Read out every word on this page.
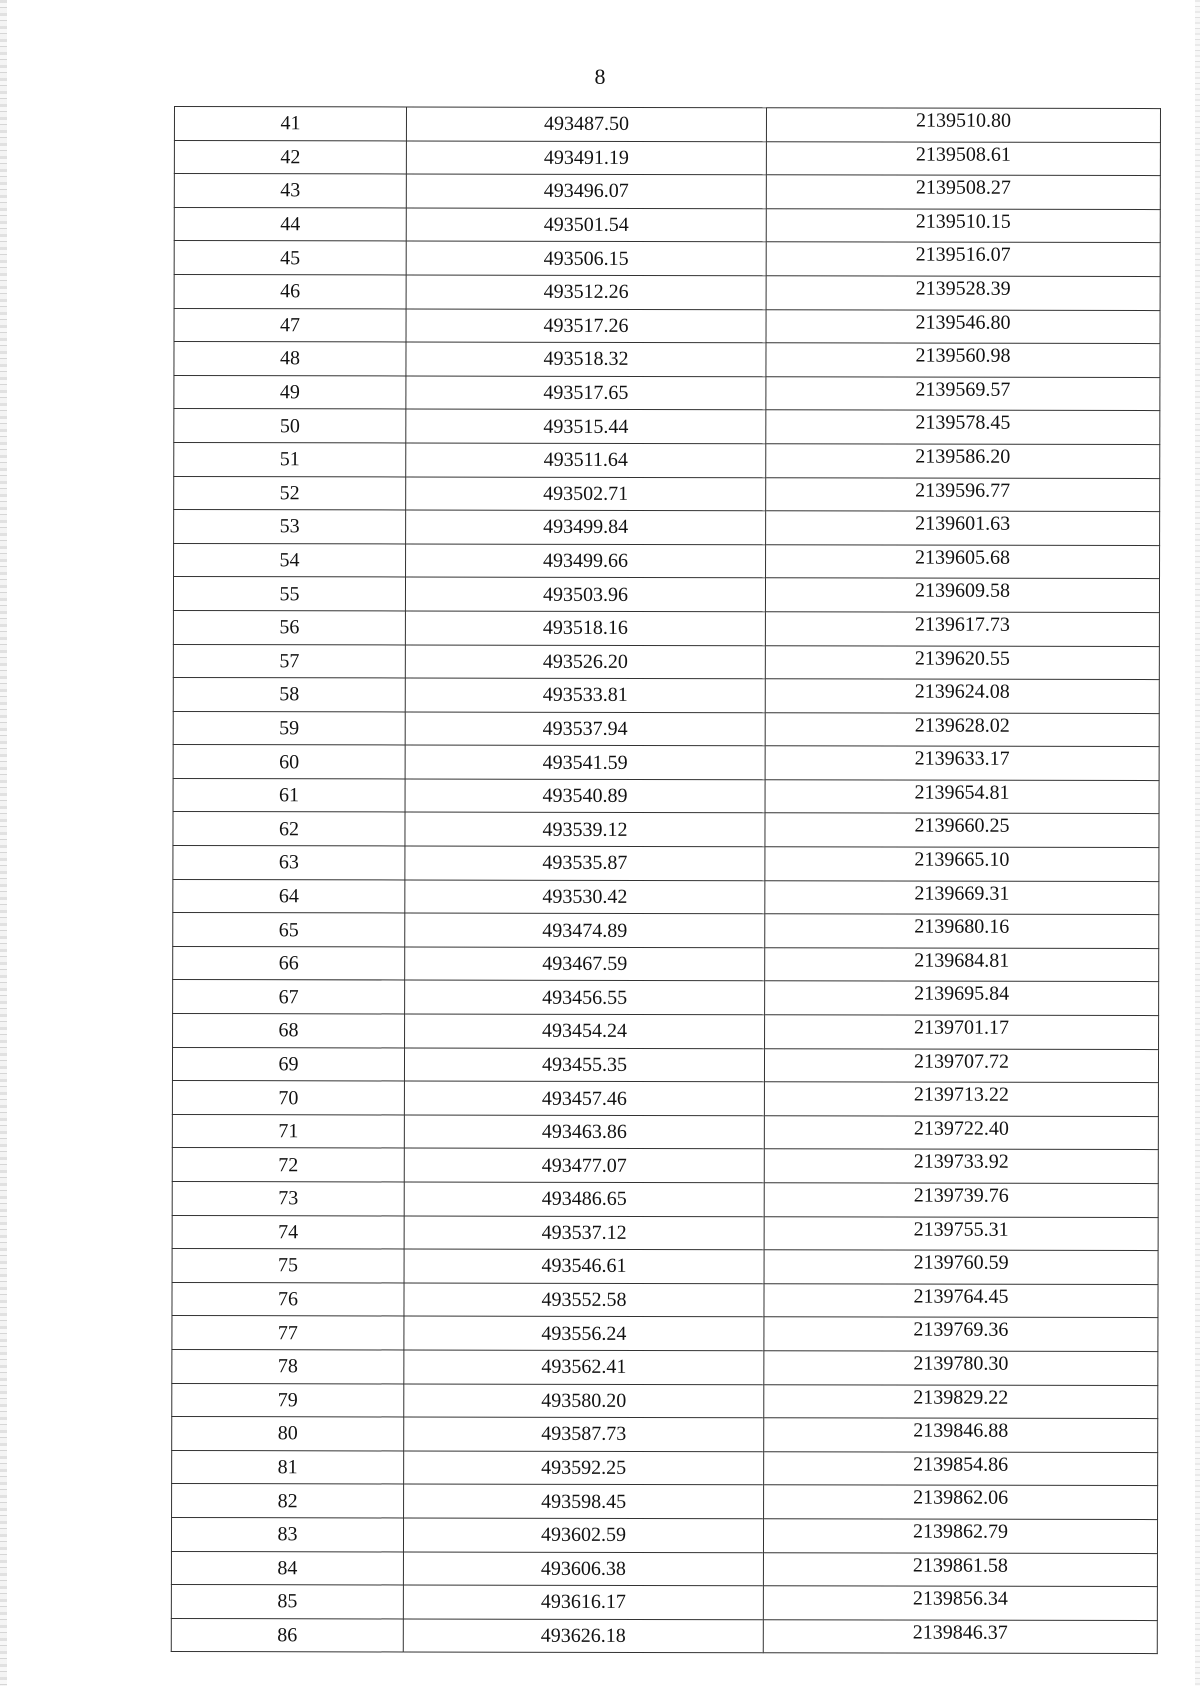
8
41	493487.50	2139510.80
42	493491.19	2139508.61
43	493496.07	2139508.27
44	493501.54	2139510.15
45	493506.15	2139516.07
46	493512.26	2139528.39
47	493517.26	2139546.80
48	493518.32	2139560.98
49	493517.65	2139569.57
50	493515.44	2139578.45
51	493511.64	2139586.20
52	493502.71	2139596.77
53	493499.84	2139601.63
54	493499.66	2139605.68
55	493503.96	2139609.58
56	493518.16	2139617.73
57	493526.20	2139620.55
58	493533.81	2139624.08
59	493537.94	2139628.02
60	493541.59	2139633.17
61	493540.89	2139654.81
62	493539.12	2139660.25
63	493535.87	2139665.10
64	493530.42	2139669.31
65	493474.89	2139680.16
66	493467.59	2139684.81
67	493456.55	2139695.84
68	493454.24	2139701.17
69	493455.35	2139707.72
70	493457.46	2139713.22
71	493463.86	2139722.40
72	493477.07	2139733.92
73	493486.65	2139739.76
74	493537.12	2139755.31
75	493546.61	2139760.59
76	493552.58	2139764.45
77	493556.24	2139769.36
78	493562.41	2139780.30
79	493580.20	2139829.22
80	493587.73	2139846.88
81	493592.25	2139854.86
82	493598.45	2139862.06
83	493602.59	2139862.79
84	493606.38	2139861.58
85	493616.17	2139856.34
86	493626.18	2139846.37
